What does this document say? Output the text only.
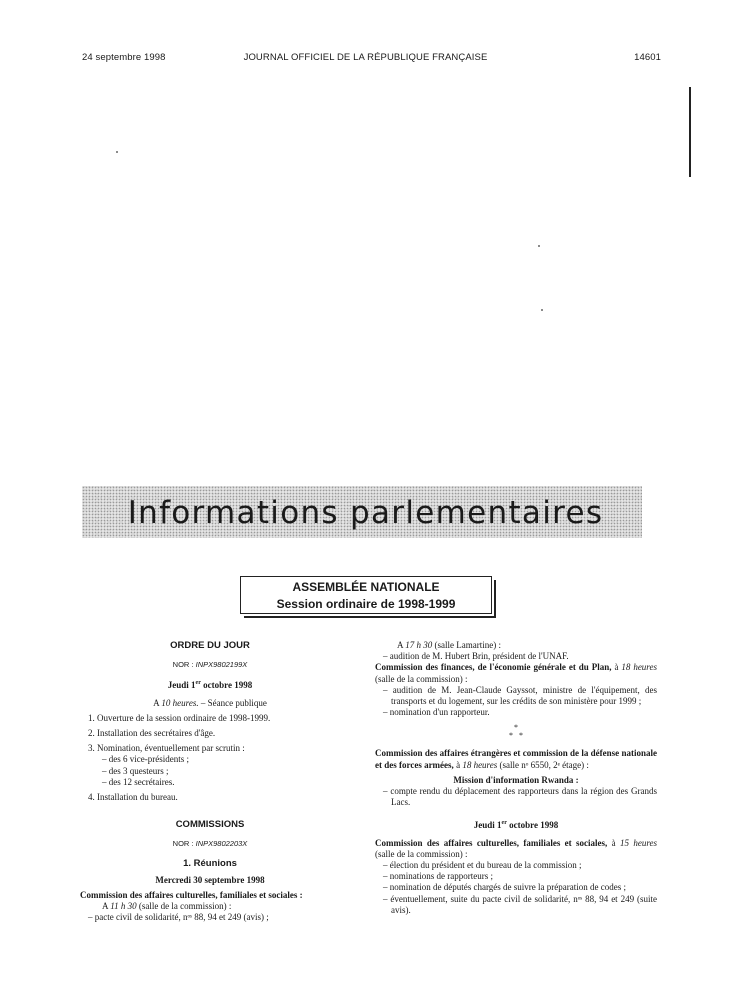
24 septembre 1998	JOURNAL OFFICIEL DE LA RÉPUBLIQUE FRANÇAISE	14601
Informations parlementaires
ASSEMBLÉE NATIONALE
Session ordinaire de 1998-1999

ORDRE DU JOUR

NOR : INPX9802199X

Jeudi 1er octobre 1998

A 10 heures. – Séance publique

1. Ouverture de la session ordinaire de 1998-1999.

2. Installation des secrétaires d'âge.

3. Nomination, éventuellement par scrutin :

– des 6 vice-présidents ;

– des 3 questeurs ;

– des 12 secrétaires.

4. Installation du bureau.

COMMISSIONS

NOR : INPX9802203X

1. Réunions

Mercredi 30 septembre 1998

Commission des affaires culturelles, familiales et sociales :

A 11 h 30 (salle de la commission) :

– pacte civil de solidarité, nᵒˢ 88, 94 et 249 (avis) ;

A 17 h 30 (salle Lamartine) :

– audition de M. Hubert Brin, président de l'UNAF.

Commission des finances, de l'économie générale et du Plan, à 18 heures (salle de la commission) :

– audition de M. Jean-Claude Gayssot, ministre de l'équipement, des transports et du logement, sur les crédits de son ministère pour 1999 ;

– nomination d'un rapporteur.

*
*   *

Commission des affaires étrangères et commission de la défense nationale et des forces armées, à 18 heures (salle nᵒ 6550, 2ᵉ étage) :

Mission d'information Rwanda :

– compte rendu du déplacement des rapporteurs dans la région des Grands Lacs.

Jeudi 1er octobre 1998

Commission des affaires culturelles, familiales et sociales, à 15 heures (salle de la commission) :

– élection du président et du bureau de la commission ;

– nominations de rapporteurs ;

– nomination de députés chargés de suivre la préparation de codes ;

– éventuellement, suite du pacte civil de solidarité, nᵒˢ 88, 94 et 249 (suite avis).
